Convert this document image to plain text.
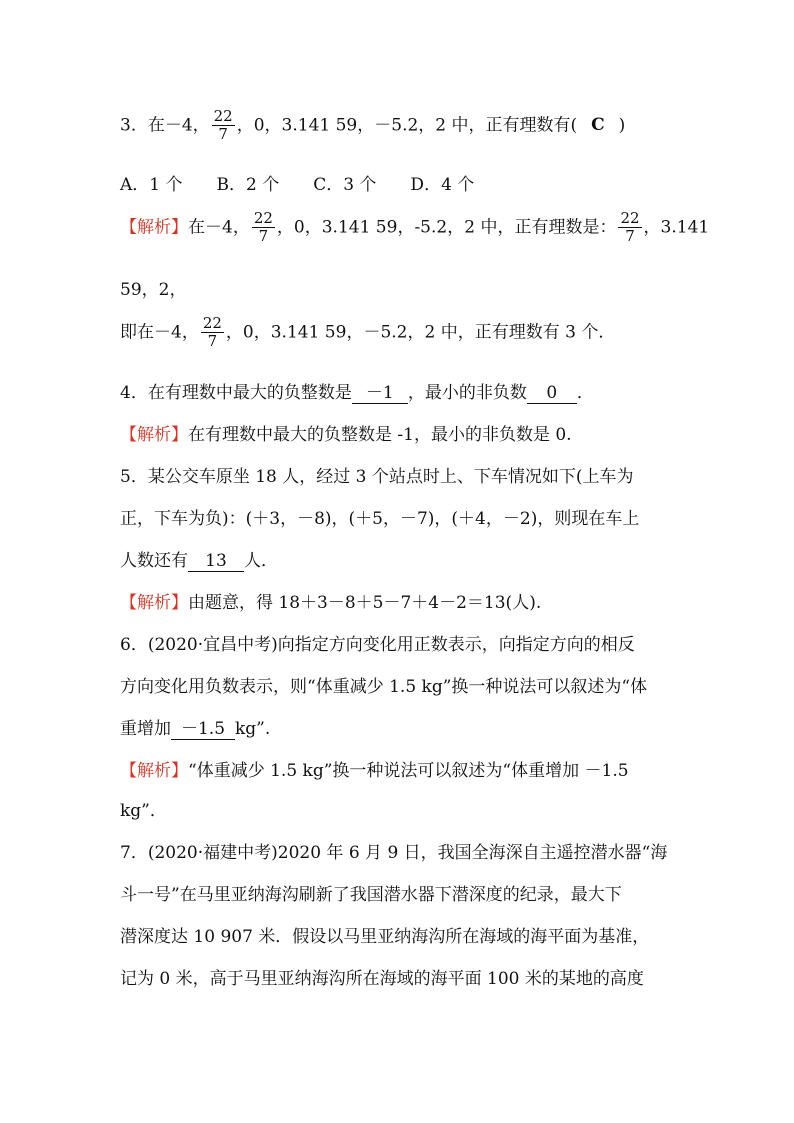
3．在－4， $\frac{22}{7}$ ，0，3.141 59，－5.2，2 中，正有理数有( C )
A．1 个　　B．2 个　　C．3 个　　D．4 个
【解析】在－4， $\frac{22}{7}$ ，0，3.141 59，-5.2，2 中，正有理数是： $\frac{22}{7}$ ，3.141
59，2，
即在－4， $\frac{22}{7}$ ，0，3.141 59，－5.2，2 中，正有理数有 3 个．
4．在有理数中最大的负整数是 －1 ，最小的非负数 0 ．
【解析】在有理数中最大的负整数是 -1，最小的非负数是 0.
5．某公交车原坐 18 人，经过 3 个站点时上、下车情况如下(上车为
正，下车为负)：(＋3，－8)，(＋5，－7)，(＋4，－2)，则现在车上
人数还有 13 人．
【解析】由题意，得 18＋3－8＋5－7＋4－2＝13(人).
6．(2020·宜昌中考)向指定方向变化用正数表示，向指定方向的相反
方向变化用负数表示，则“体重减少 1.5 kg”换一种说法可以叙述为“体
重增加 －1.5 kg”.
【解析】“体重减少 1.5 kg”换一种说法可以叙述为“体重增加 －1.5
kg”．
7．(2020·福建中考)2020 年 6 月 9 日，我国全海深自主遥控潜水器“海
斗一号”在马里亚纳海沟刷新了我国潜水器下潜深度的纪录，最大下
潜深度达 10 907 米．假设以马里亚纳海沟所在海域的海平面为基准，
记为 0 米，高于马里亚纳海沟所在海域的海平面 100 米的某地的高度
